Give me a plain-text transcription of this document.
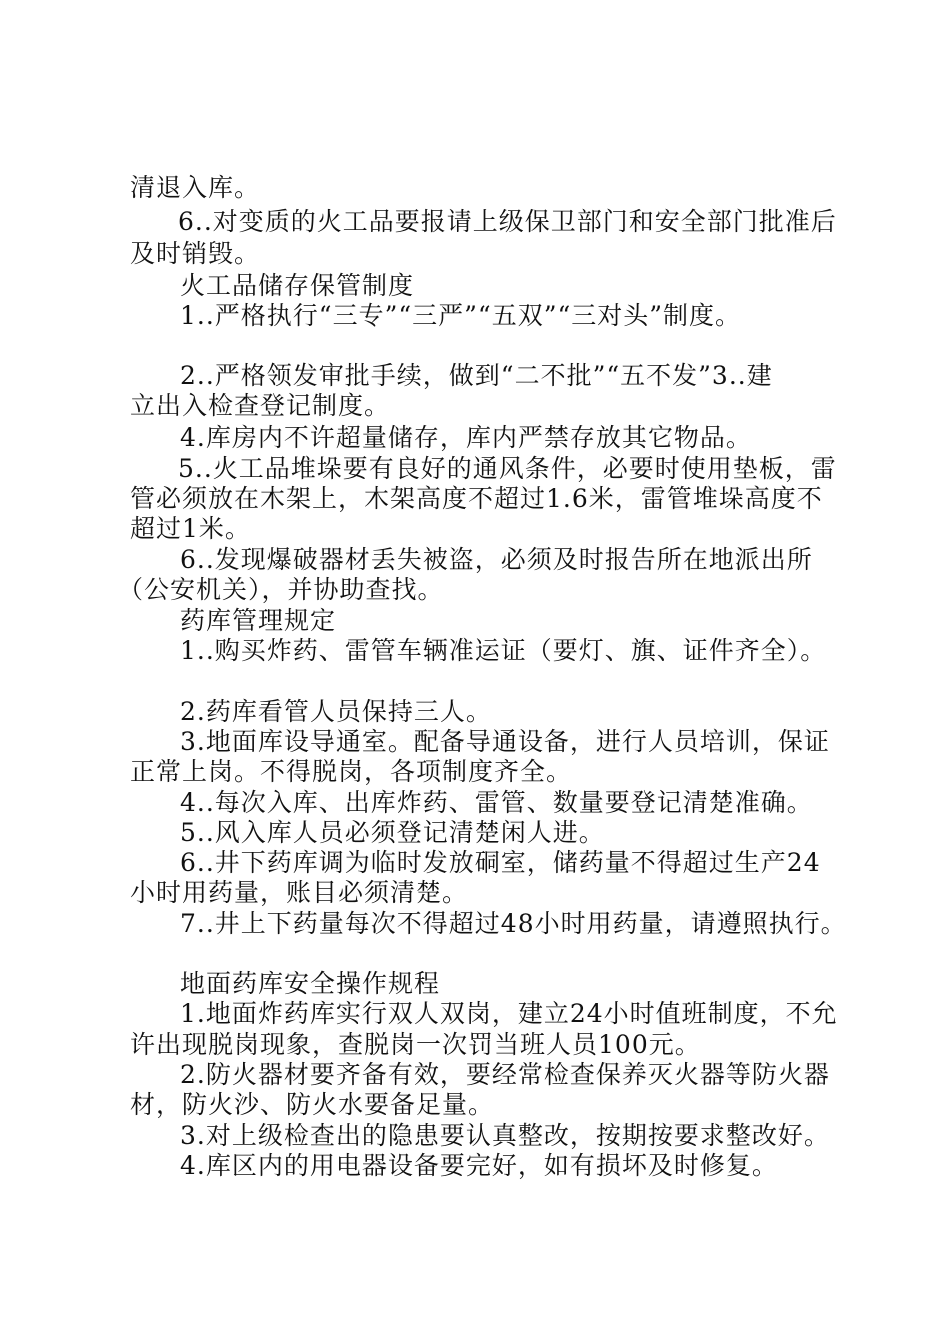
清退入库。
6..对变质的火工品要报请上级保卫部门和安全部门批准后
及时销毁。
火工品储存保管制度
1..严格执行“三专”“三严”“五双”“三对头”制度。
2..严格领发审批手续，做到“二不批”“五不发”3..建
立出入检查登记制度。
4.库房内不许超量储存，库内严禁存放其它物品。
5..火工品堆垛要有良好的通风条件，必要时使用垫板，雷
管必须放在木架上，木架高度不超过1.6米，雷管堆垛高度不
超过1米。
6..发现爆破器材丢失被盗，必须及时报告所在地派出所
（公安机关），并协助查找。
药库管理规定
1..购买炸药、雷管车辆准运证（要灯、旗、证件齐全）。
2.药库看管人员保持三人。
3.地面库设导通室。配备导通设备，进行人员培训，保证
正常上岗。不得脱岗，各项制度齐全。
4..每次入库、出库炸药、雷管、数量要登记清楚准确。
5..风入库人员必须登记清楚闲人进。
6..井下药库调为临时发放硐室，储药量不得超过生产24
小时用药量，账目必须清楚。
7..井上下药量每次不得超过48小时用药量，请遵照执行。
地面药库安全操作规程
1.地面炸药库实行双人双岗，建立24小时值班制度，不允
许出现脱岗现象，查脱岗一次罚当班人员100元。
2.防火器材要齐备有效，要经常检查保养灭火器等防火器
材，防火沙、防火水要备足量。
3.对上级检查出的隐患要认真整改，按期按要求整改好。
4.库区内的用电器设备要完好，如有损坏及时修复。
